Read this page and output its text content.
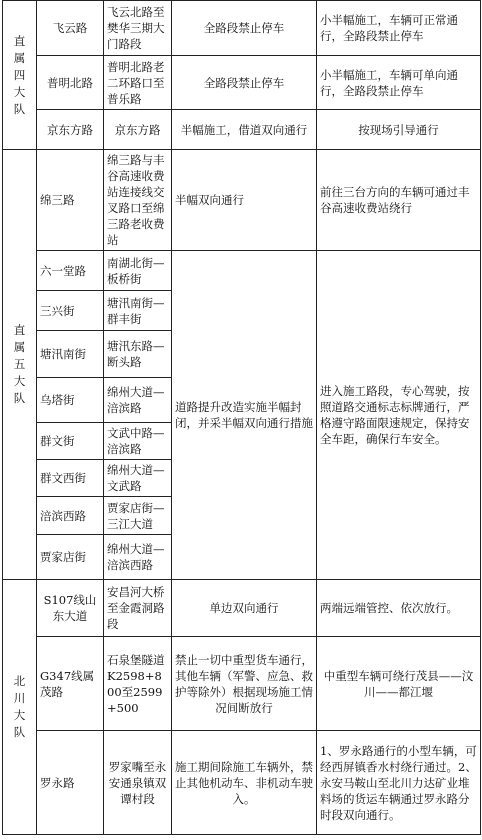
直属四大队	飞云路	飞云北路至樊华三期大门路段	全路段禁止停车	小半幅施工，车辆可正常通行，全路段禁止停车
	普明北路	普明北路老二环路口至普乐路	全路段禁止停车	小半幅施工，车辆可单向通行，全路段禁止停车
	京东方路	京东方路	半幅施工，借道双向通行	按现场引导通行

直属五大队	绵三路	绵三路与丰谷高速收费站连接线交叉路口至绵三路老收费站	半幅双向通行	前往三台方向的车辆可通过丰谷高速收费站绕行
	六一堂路	南湖北街—板桥街	道路提升改造实施半幅封闭，并采半幅双向通行措施	进入施工路段，专心驾驶，按照道路交通标志标牌通行，严格遵守路面限速规定，保持安全车距，确保行车安全。
	三兴街	塘汛南街—群丰街		
	塘汛南街	塘汛东路—断头路		
	乌塔街	绵州大道—涪滨路		
	群文街	文武中路—涪滨路		
	群文西街	绵州大道—文武路		
	涪滨西路	贾家店街—三江大道		
	贾家店街	绵州大道—涪滨西路		

北川大队	S107线山东大道	安昌河大桥至金霞洞路段	单边双向通行	两端远端管控、依次放行。
	G347线属茂路	石泉堡隧道K2598+800至2599+500	禁止一切中重型货车通行，其他车辆（军警、应急、救护等除外）根据现场施工情况间断放行	中重型车辆可绕行茂县——汶川——都江堰
	罗永路	罗家嘴至永安通泉镇双谭村段	施工期间除施工车辆外，禁止其他机动车、非机动车驶入。	1、罗永路通行的小型车辆，可经西屏镇香水村绕行通过。2、永安马鞍山至北川力达矿业堆料场的货运车辆通过罗永路分时段双向通行。
